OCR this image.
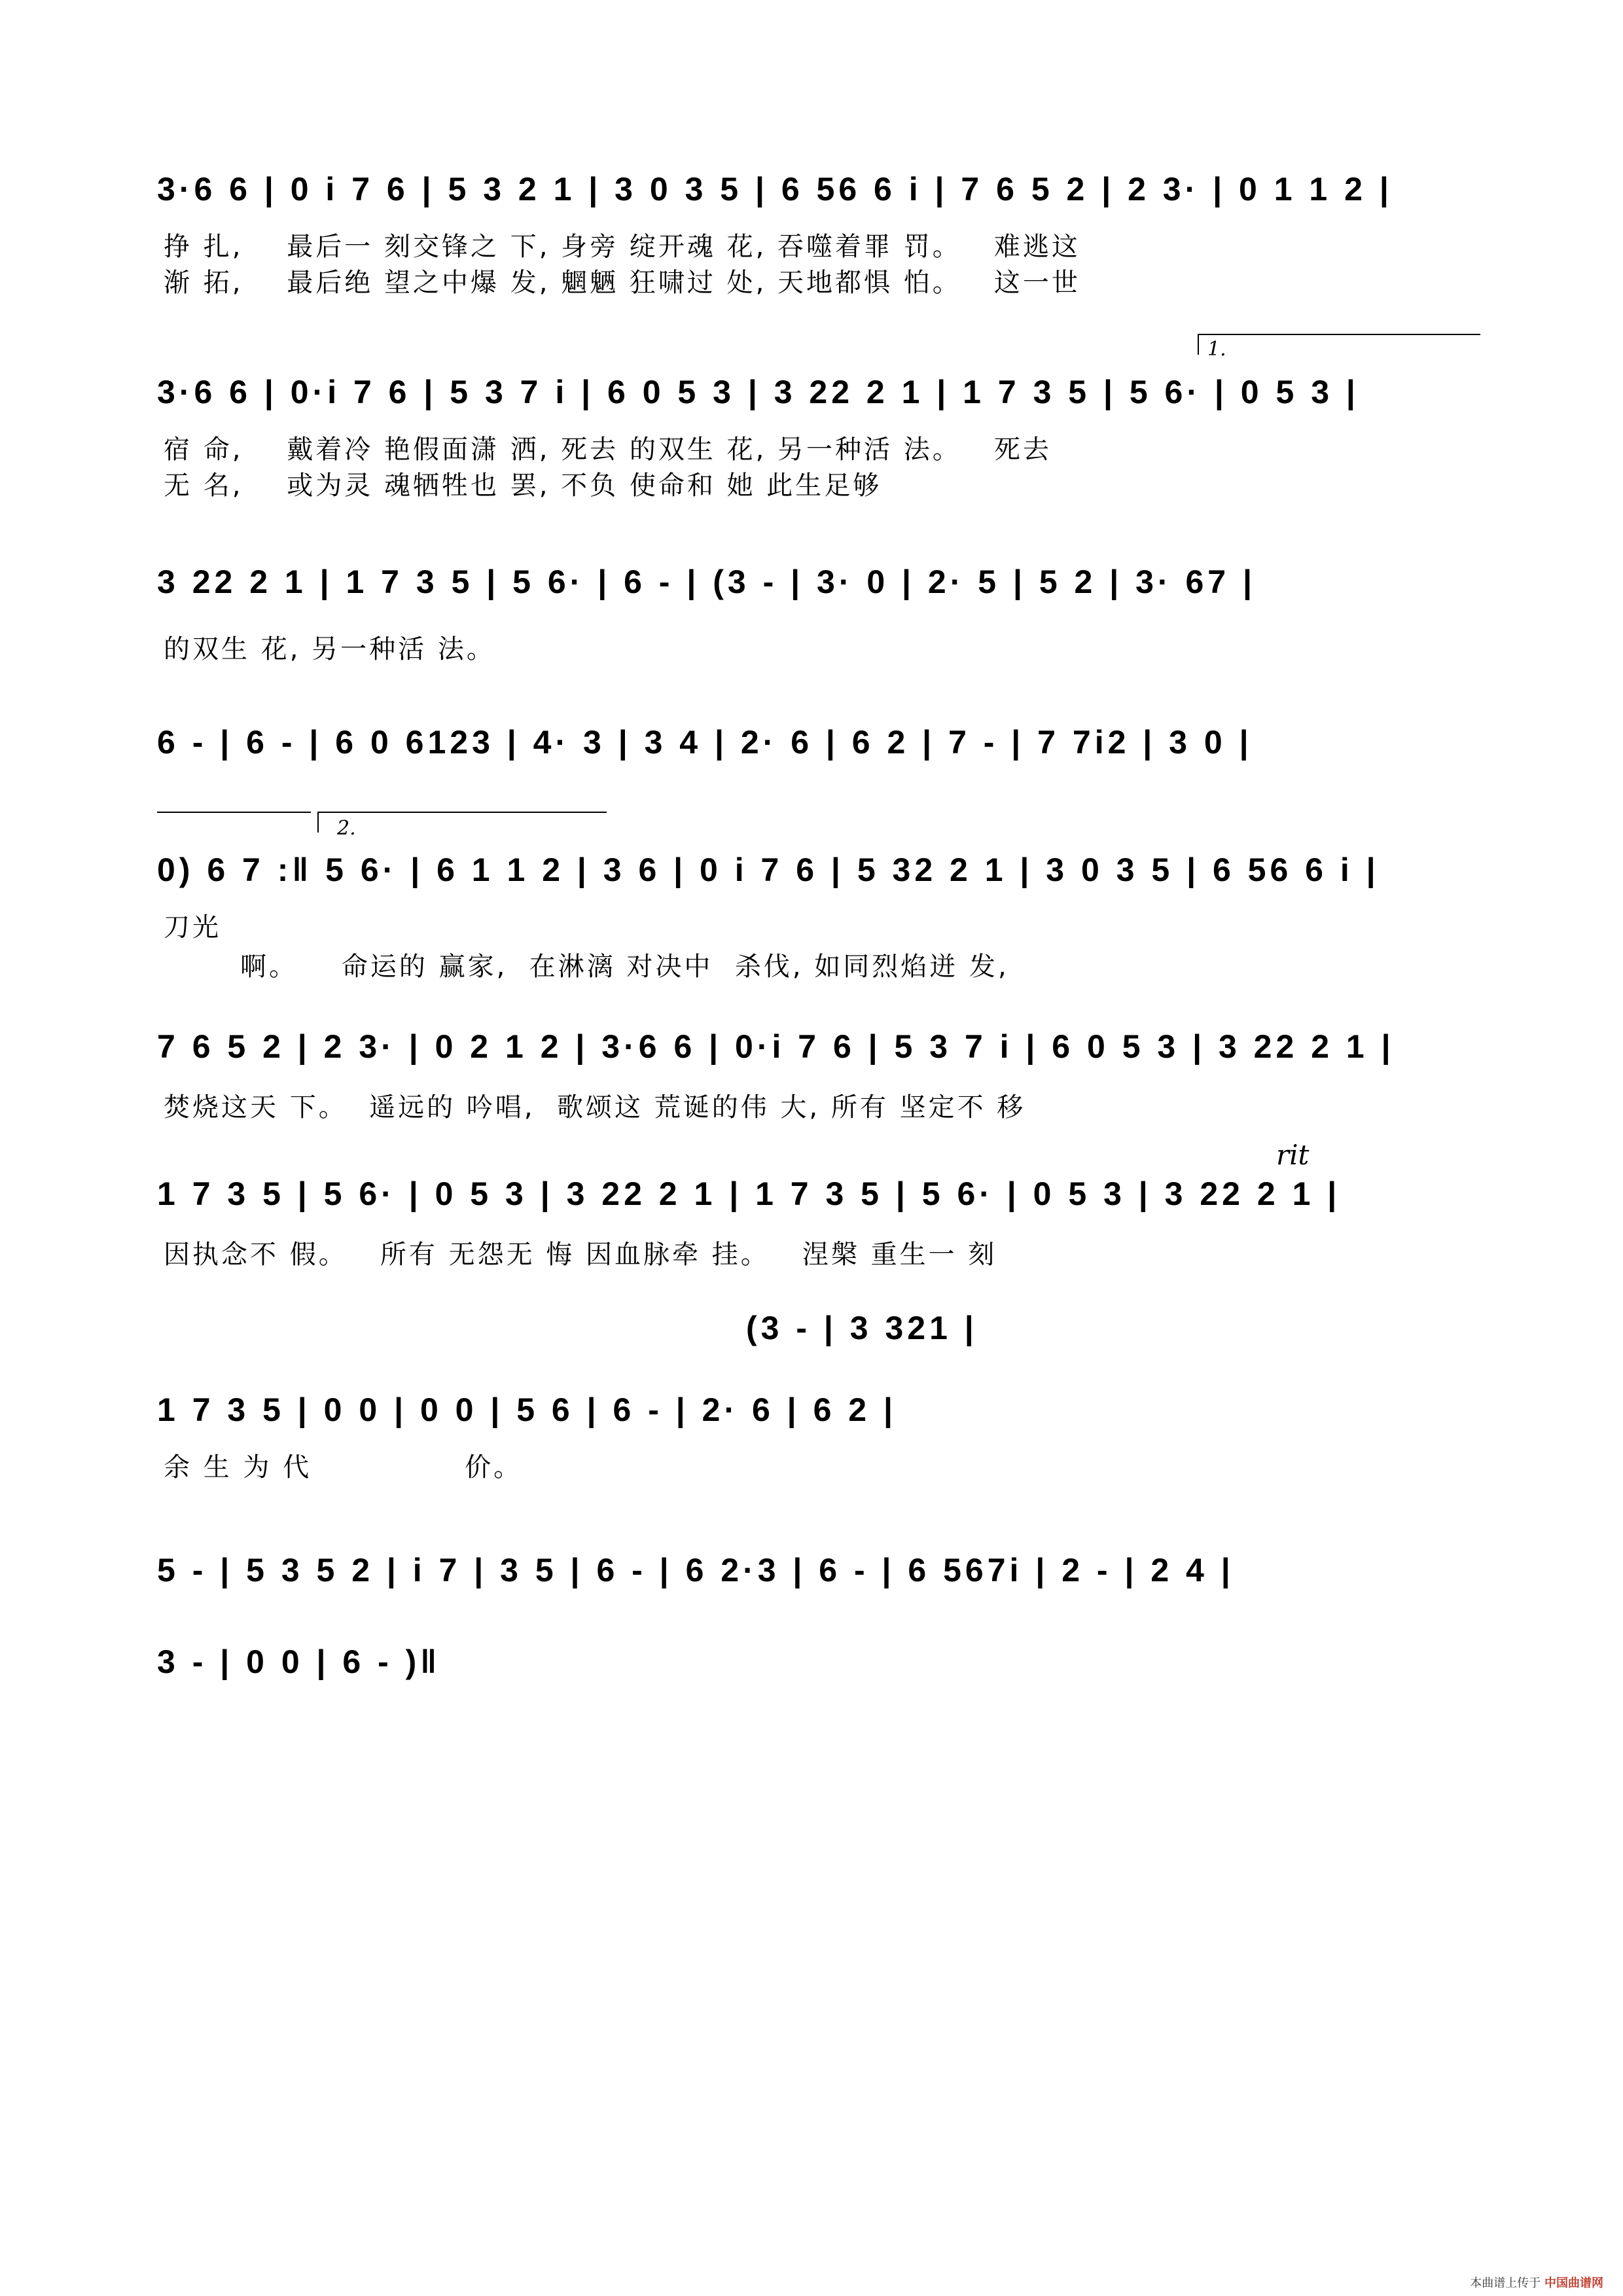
3·6 6 | 0 i 7 6 | 5 3 2 1 | 3 0 3 5 | 6 56 6 i | 7 6 5 2 | 2 3· | 0 1 1 2 |
挣 扎,    最后一 刻交锋之 下, 身旁 绽开魂 花, 吞噬着罪 罚。   难逃这
渐 拓,    最后绝 望之中爆 发, 魍魉 狂啸过 处, 天地都惧 怕。   这一世
1.
3·6 6 | 0·i 7 6 | 5 3 7 i | 6 0 5 3 | 3 22 2 1 | 1 7 3 5 | 5 6· | 0 5 3 |
宿 命,    戴着冷 艳假面潇 洒, 死去 的双生 花, 另一种活 法。   死去
无 名,    或为灵 魂牺牲也 罢, 不负 使命和 她 此生足够
3 22 2 1 | 1 7 3 5 | 5 6· | 6 - | (3 - | 3· 0 | 2· 5 | 5 2 | 3· 67 |
的双生 花, 另一种活 法。
6 - | 6 - | 6 0 6123 | 4· 3 | 3 4 | 2· 6 | 6 2 | 7 - | 7 7i2 | 3 0 |
2.
0) 6 7 :‖ 5 6· | 6 1 1 2 | 3 6 | 0 i 7 6 | 5 32 2 1 | 3 0 3 5 | 6 56 6 i |
刀光
啊。    命运的 赢家,  在淋漓 对决中  杀伐, 如同烈焰迸 发,
7 6 5 2 | 2 3· | 0 2 1 2 | 3·6 6 | 0·i 7 6 | 5 3 7 i | 6 0 5 3 | 3 22 2 1 |
焚烧这天 下。  遥远的 吟唱,  歌颂这 荒诞的伟 大, 所有 坚定不 移
rit
1 7 3 5 | 5 6· | 0 5 3 | 3 22 2 1 | 1 7 3 5 | 5 6· | 0 5 3 | 3 22 2 1 |
因执念不 假。   所有 无怨无 悔 因血脉牵 挂。   涅槃 重生一 刻
(3 - | 3 321 |
1 7 3 5 | 0 0 | 0 0 | 5 6 | 6 - | 2· 6 | 6 2 |
余 生 为 代              价。
5 - | 5 3 5 2 | i 7 | 3 5 | 6 - | 6 2·3 | 6 - | 6 567i | 2 - | 2 4 |
3 - | 0 0 | 6 - )‖
本曲谱上传于 中国曲谱网
